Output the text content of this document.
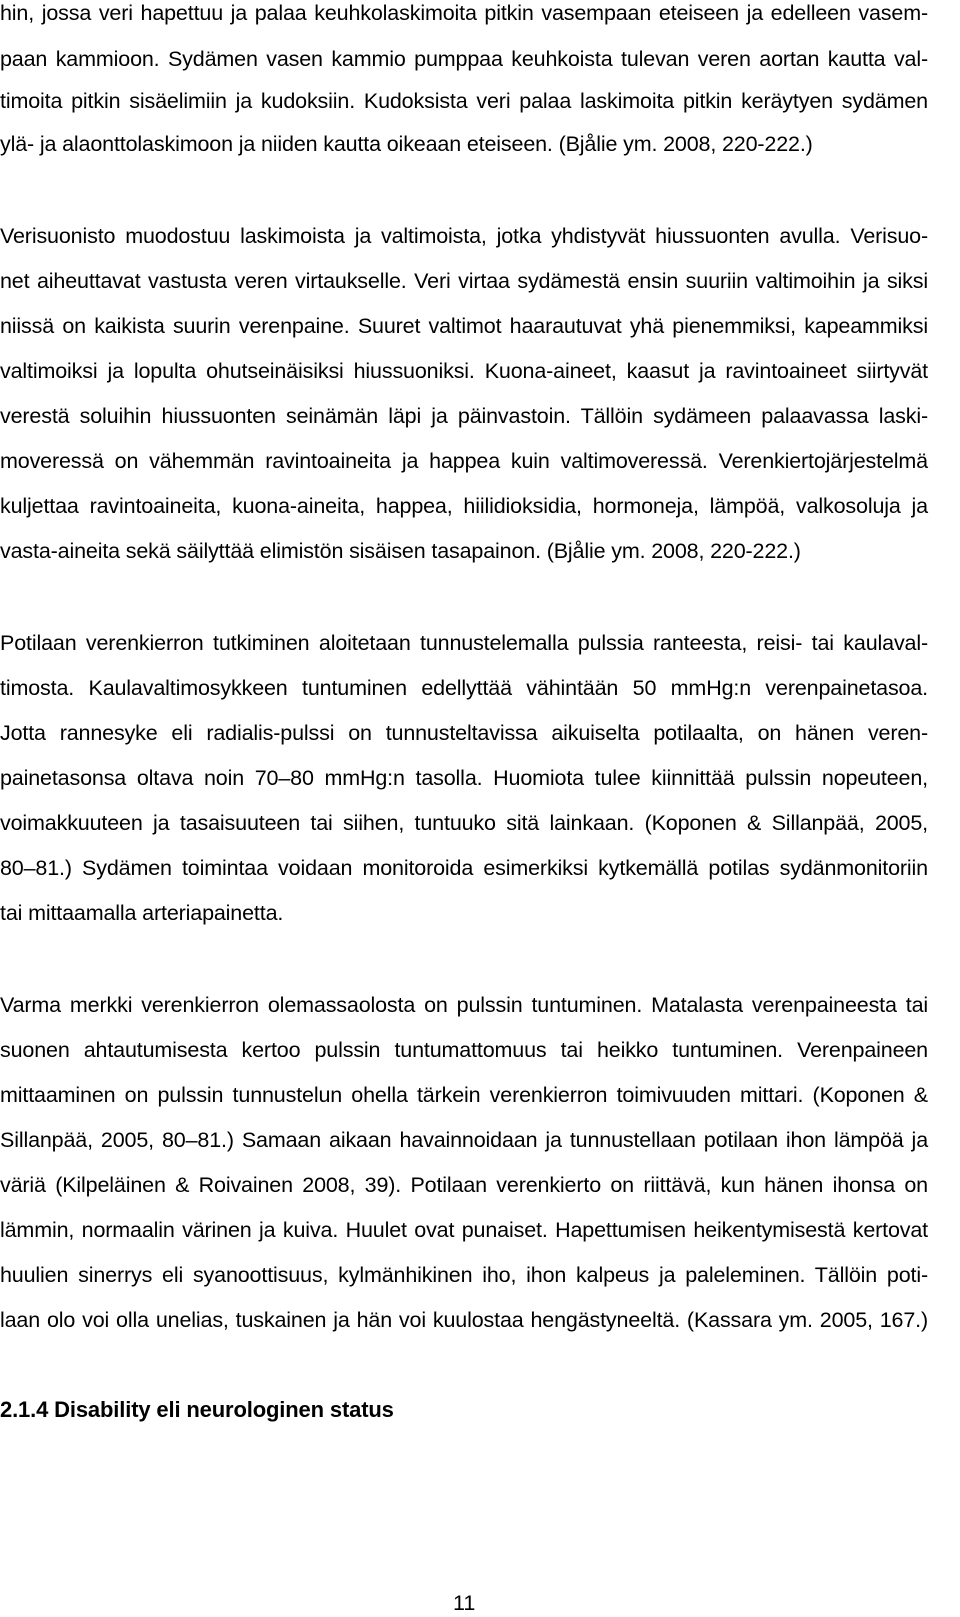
hin, jossa veri hapettuu ja palaa keuhkolaskimoita pitkin vasempaan eteiseen ja edelleen vasem-
paan kammioon. Sydämen vasen kammio pumppaa keuhkoista tulevan veren aortan kautta val-
timoita pitkin sisäelimiin ja kudoksiin. Kudoksista veri palaa laskimoita pitkin keräytyen sydämen
ylä- ja alaonttolaskimoon ja niiden kautta oikeaan eteiseen. (Bjålie ym. 2008, 220-222.)
Verisuonisto muodostuu laskimoista ja valtimoista, jotka yhdistyvät hiussuonten avulla. Verisuo-
net aiheuttavat vastusta veren virtaukselle. Veri virtaa sydämestä ensin suuriin valtimoihin ja siksi
niissä on kaikista suurin verenpaine. Suuret valtimot haarautuvat yhä pienemmiksi, kapeammiksi
valtimoiksi ja lopulta ohutseinäisiksi hiussuoniksi. Kuona-aineet, kaasut ja ravintoaineet siirtyvät
verestä soluihin hiussuonten seinämän läpi ja päinvastoin. Tällöin sydämeen palaavassa laski-
moveressä on vähemmän ravintoaineita ja happea kuin valtimoveressä. Verenkiertojärjestelmä
kuljettaa ravintoaineita, kuona-aineita, happea, hiilidioksidia, hormoneja, lämpöä, valkosoluja ja
vasta-aineita sekä säilyttää elimistön sisäisen tasapainon. (Bjålie ym. 2008, 220-222.)
Potilaan verenkierron tutkiminen aloitetaan tunnustelemalla pulssia ranteesta, reisi- tai kaulaval-
timosta. Kaulavaltimosykkeen tuntuminen edellyttää vähintään 50 mmHg:n verenpainetasoa.
Jotta rannesyke eli radialis-pulssi on tunnusteltavissa aikuiselta potilaalta, on hänen veren-
painetasonsa oltava noin 70–80 mmHg:n tasolla. Huomiota tulee kiinnittää pulssin nopeuteen,
voimakkuuteen ja tasaisuuteen tai siihen, tuntuuko sitä lainkaan. (Koponen & Sillanpää, 2005,
80–81.) Sydämen toimintaa voidaan monitoroida esimerkiksi kytkemällä potilas sydänmonitoriin
tai mittaamalla arteriapainetta.
Varma merkki verenkierron olemassaolosta on pulssin tuntuminen. Matalasta verenpaineesta tai
suonen ahtautumisesta kertoo pulssin tuntumattomuus tai heikko tuntuminen. Verenpaineen
mittaaminen on pulssin tunnustelun ohella tärkein verenkierron toimivuuden mittari. (Koponen &
Sillanpää, 2005, 80–81.) Samaan aikaan havainnoidaan ja tunnustellaan potilaan ihon lämpöä ja
väriä (Kilpeläinen & Roivainen 2008, 39). Potilaan verenkierto on riittävä, kun hänen ihonsa on
lämmin, normaalin värinen ja kuiva. Huulet ovat punaiset. Hapettumisen heikentymisestä kertovat
huulien sinerrys eli syanoottisuus, kylmänhikinen iho, ihon kalpeus ja paleleminen. Tällöin poti-
laan olo voi olla unelias, tuskainen ja hän voi kuulostaa hengästyneeltä. (Kassara ym. 2005, 167.)
2.1.4 Disability eli neurologinen status
11
